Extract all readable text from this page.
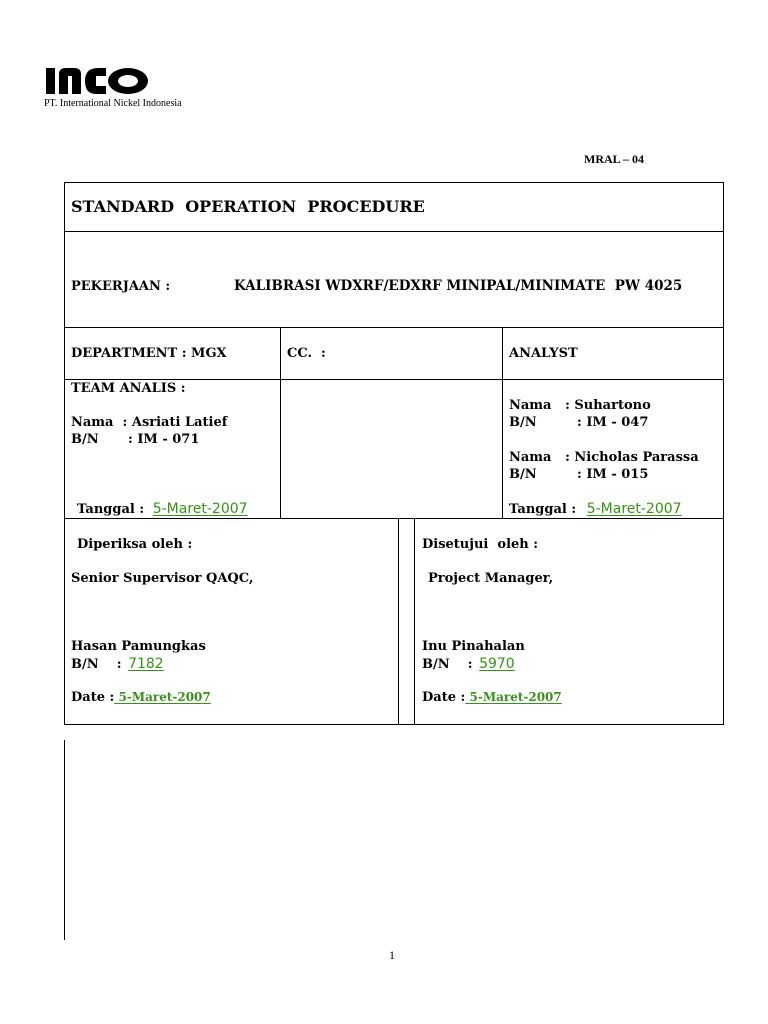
PT. International Nickel Indonesia
MRAL – 04
STANDARD  OPERATION  PROCEDURE
PEKERJAAN :	KALIBRASI WDXRF/EDXRF MINIPAL/MINIMATE  PW 4025
DEPARTMENT : MGX	CC.  :	ANALYST
TEAM ANALIS :
Nama  : Asriati Latief
B/N : IM - 071
Tanggal : 5-Maret-2007
Nama   : Suhartono
B/N	: IM - 047
Nama   : Nicholas Parassa
B/N	: IM - 015
Tanggal : 5-Maret-2007
Diperiksa oleh :
Senior Supervisor QAQC,
Hasan Pamungkas
B/N    : 7182
Date : 5-Maret-2007
Disetujui  oleh :
Project Manager,
Inu Pinahalan
B/N    : 5970
Date : 5-Maret-2007
1
